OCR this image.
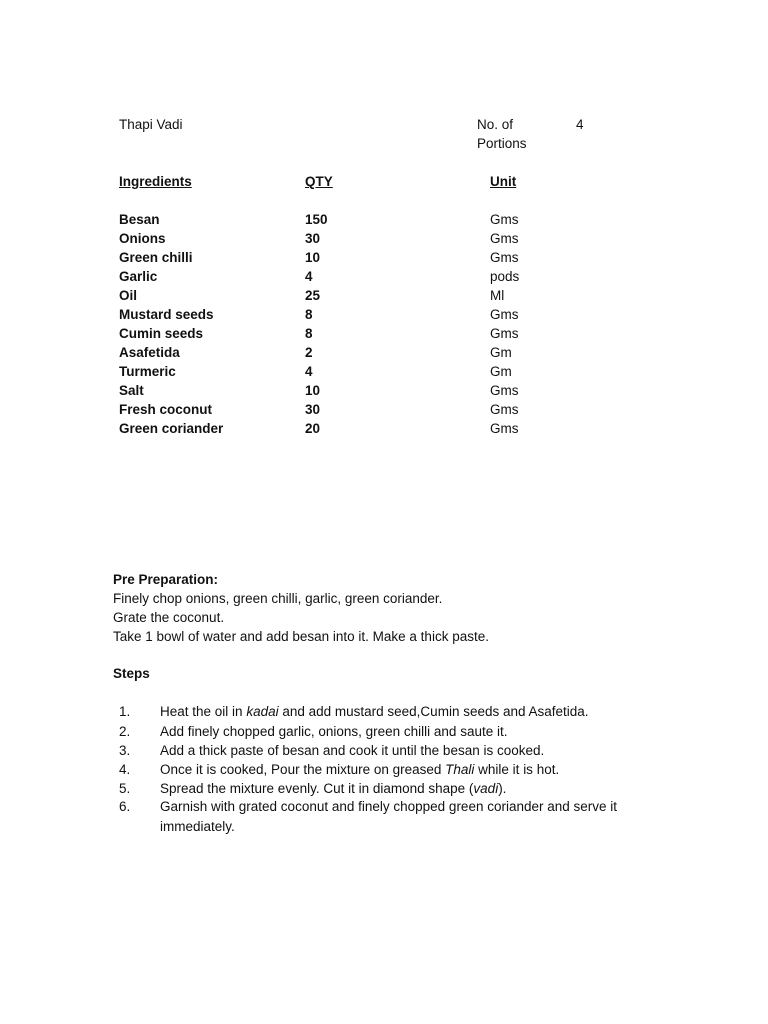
Thapi Vadi	No. of
Portions
4
Ingredients	QTY	Unit
Besan	150	Gms
Onions	30	Gms
Green chilli	10	Gms
Garlic	4	pods
Oil	25	Ml
Mustard seeds	8	Gms
Cumin seeds	8	Gms
Asafetida	2	Gm
Turmeric	4	Gm
Salt	10	Gms
Fresh coconut	30	Gms
Green coriander	20	Gms
Pre Preparation:
Finely chop onions, green chilli, garlic, green coriander.
Grate the coconut.
Take 1 bowl of water and add besan into it. Make a thick paste.
Steps
1. Heat the oil in kadai and add mustard seed,Cumin seeds and Asafetida.
2. Add finely chopped garlic, onions, green chilli and saute it.
3. Add a thick paste of besan and cook it until the besan is cooked.
4. Once it is cooked, Pour the mixture on greased Thali while it is hot.
5. Spread the mixture evenly. Cut it in diamond shape (vadi).
6. Garnish with grated coconut and finely chopped green coriander and serve it immediately.
